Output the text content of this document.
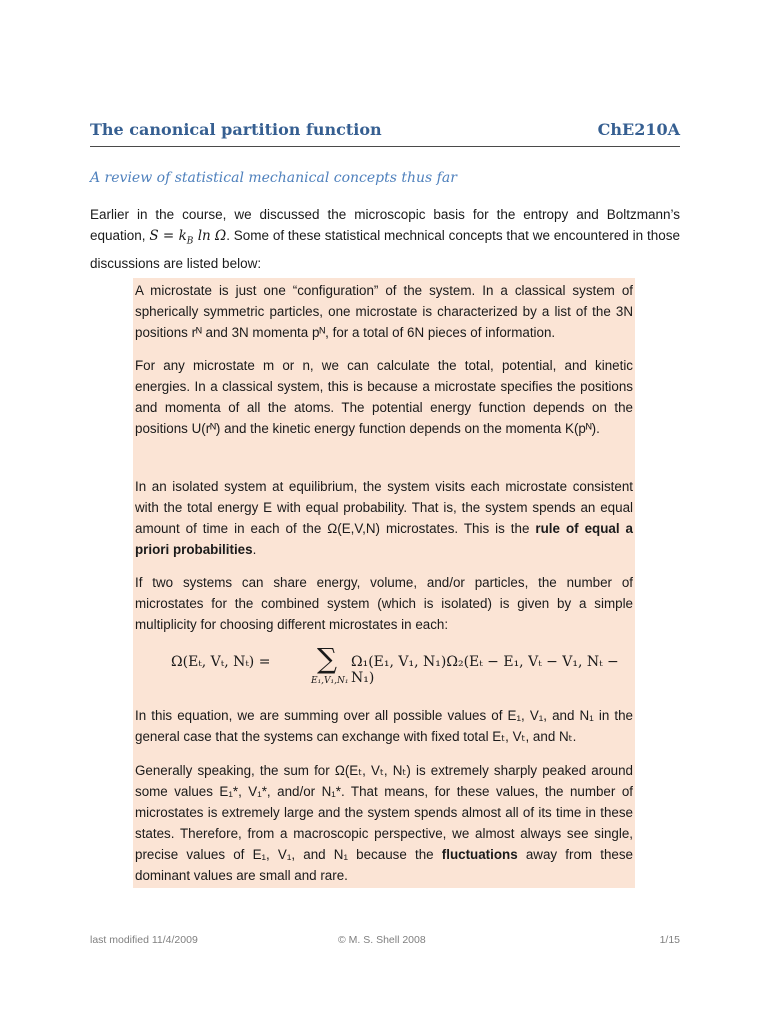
The canonical partition function	ChE210A
A review of statistical mechanical concepts thus far
Earlier in the course, we discussed the microscopic basis for the entropy and Boltzmann’s equation, $S = k_B$ ln Ω. Some of these statistical mechnical concepts that we encountered in those discussions are listed below:

A microstate is just one “configuration” of the system. In a classical system of spherically symmetric particles, one microstate is characterized by a list of the 3N positions rᴺ and 3N momenta pᴺ, for a total of 6N pieces of information.

For any microstate m or n, we can calculate the total, potential, and kinetic energies. In a classical system, this is because a microstate specifies the positions and momenta of all the atoms. The potential energy function depends on the positions U(rᴺ) and the kinetic energy function depends on the momenta K(pᴺ).

In an isolated system at equilibrium, the system visits each microstate consistent with the total energy E with equal probability. That is, the system spends an equal amount of time in each of the Ω(E,V,N) microstates. This is the rule of equal a priori probabilities.

If two systems can share energy, volume, and/or particles, the number of microstates for the combined system (which is isolated) is given by a simple multiplicity for choosing different microstates in each:

Ω(Eₜ, Vₜ, Nₜ) = ∑
E₁,V₁,N₁
Ω₁(E₁, V₁, N₁)Ω₂(Eₜ − E₁, Vₜ − V₁, Nₜ − N₁)

In this equation, we are summing over all possible values of E₁, V₁, and N₁ in the general case that the systems can exchange with fixed total Eₜ, Vₜ, and Nₜ.

Generally speaking, the sum for Ω(Eₜ, Vₜ, Nₜ) is extremely sharply peaked around some values E₁*, V₁*, and/or N₁*. That means, for these values, the number of microstates is extremely large and the system spends almost all of its time in these states. Therefore, from a macroscopic perspective, we almost always see single, precise values of E₁, V₁, and N₁ because the fluctuations away from these dominant values are small and rare.

last modified 11/4/2009	© M. S. Shell 2008	1/15
